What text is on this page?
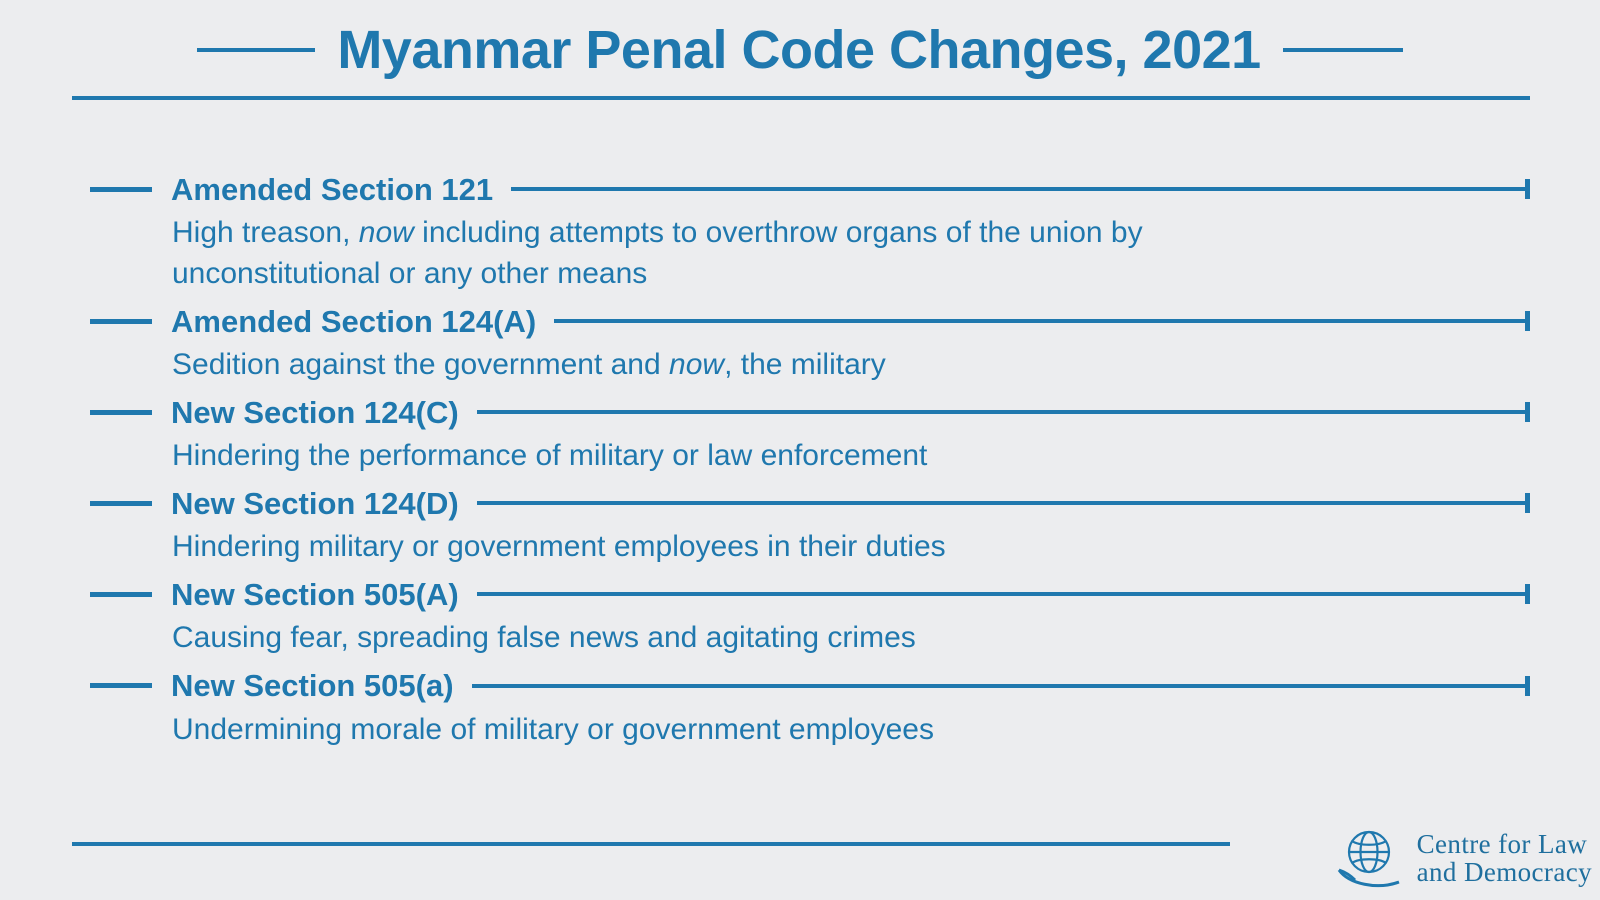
Myanmar Penal Code Changes, 2021
Amended Section 121
High treason, now including attempts to overthrow organs of the union by unconstitutional or any other means
Amended Section 124(A)
Sedition against the government and now, the military
New Section 124(C)
Hindering the performance of military or law enforcement
New Section 124(D)
Hindering military or government employees in their duties
New Section 505(A)
Causing fear, spreading false news and agitating crimes
New Section 505(a)
Undermining morale of military or government employees
Centre for Law
and Democracy
